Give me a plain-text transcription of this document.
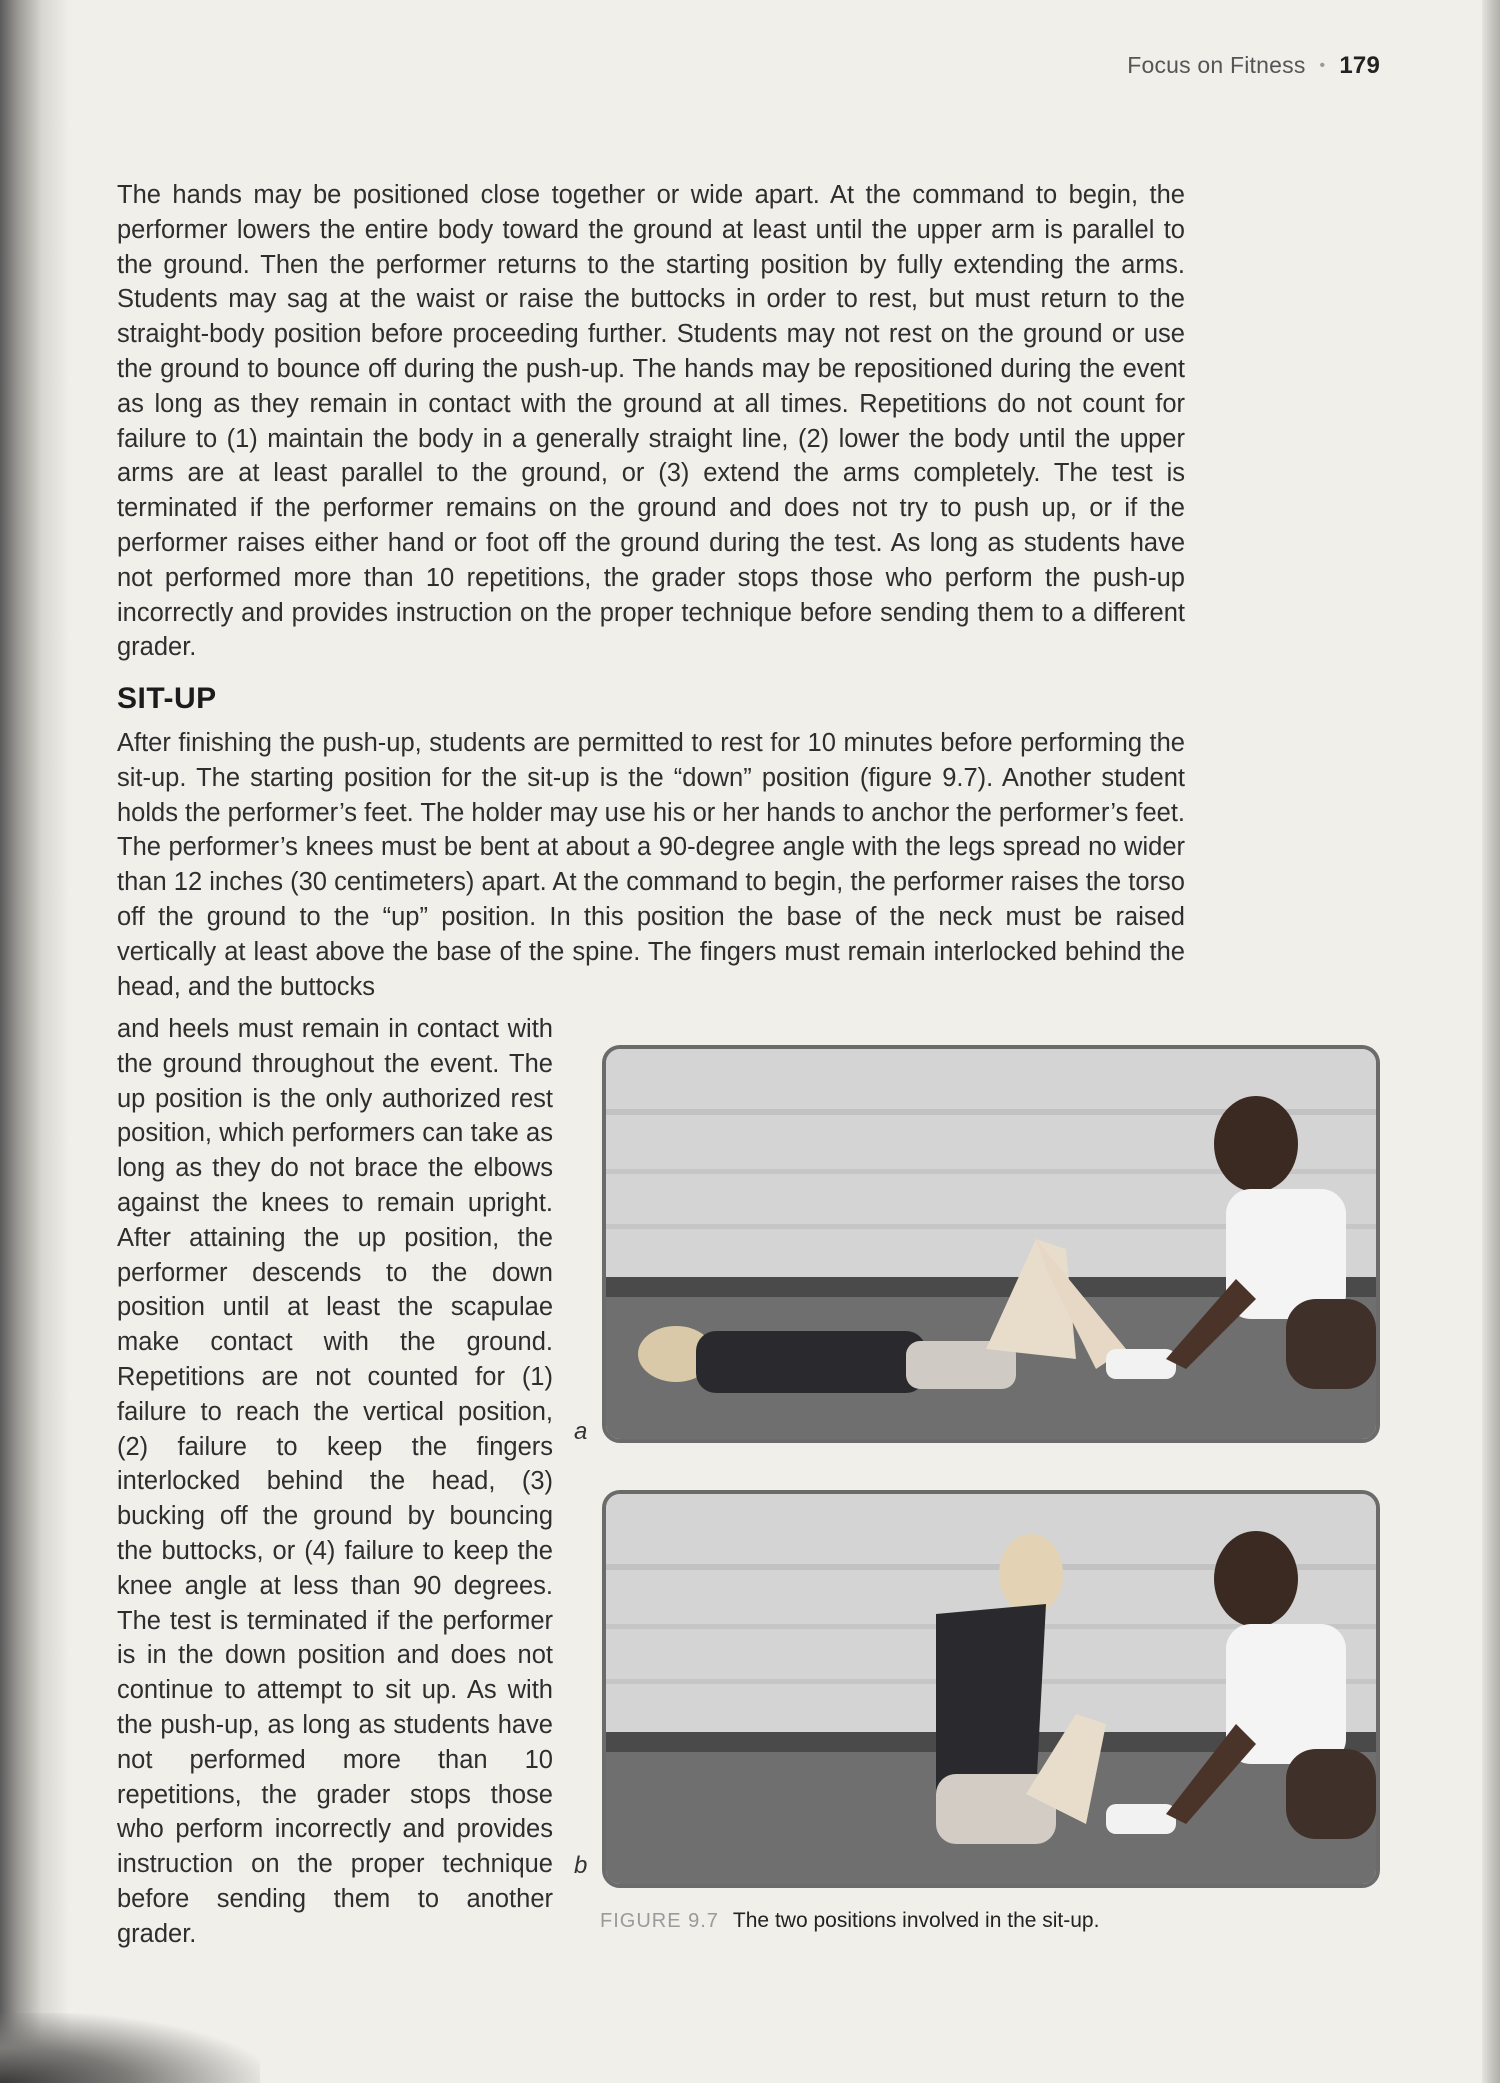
Focus on Fitness • 179

The hands may be positioned close together or wide apart. At the command to begin, the performer lowers the entire body toward the ground at least until the upper arm is parallel to the ground. Then the performer returns to the starting position by fully extending the arms. Students may sag at the waist or raise the buttocks in order to rest, but must return to the straight-body position before proceeding further. Students may not rest on the ground or use the ground to bounce off during the push-up. The hands may be repositioned during the event as long as they remain in contact with the ground at all times. Repetitions do not count for failure to (1) maintain the body in a generally straight line, (2) lower the body until the upper arms are at least parallel to the ground, or (3) extend the arms completely. The test is terminated if the performer remains on the ground and does not try to push up, or if the performer raises either hand or foot off the ground during the test. As long as students have not performed more than 10 repetitions, the grader stops those who perform the push-up incorrectly and provides instruction on the proper technique before sending them to a different grader.

SIT-UP

After finishing the push-up, students are permitted to rest for 10 minutes before performing the sit-up. The starting position for the sit-up is the “down” position (figure 9.7). Another student holds the performer’s feet. The holder may use his or her hands to anchor the performer’s feet. The performer’s knees must be bent at about a 90-degree angle with the legs spread no wider than 12 inches (30 centimeters) apart. At the command to begin, the performer raises the torso off the ground to the “up” position. In this position the base of the neck must be raised vertically at least above the base of the spine. The fingers must remain interlocked behind the head, and the buttocks

and heels must remain in contact with the ground throughout the event. The up position is the only authorized rest position, which performers can take as long as they do not brace the elbows against the knees to remain upright. After attaining the up position, the performer descends to the down position until at least the scapulae make contact with the ground. Repetitions are not counted for (1) failure to reach the vertical position, (2) failure to keep the fingers interlocked behind the head, (3) bucking off the ground by bouncing the buttocks, or (4) failure to keep the knee angle at less than 90 degrees. The test is terminated if the performer is in the down position and does not continue to attempt to sit up. As with the push-up, as long as students have not performed more than 10 repetitions, the grader stops those who perform incorrectly and provides instruction on the proper technique before sending them to another grader.

a
b
FIGURE 9.7 The two positions involved in the sit-up.
